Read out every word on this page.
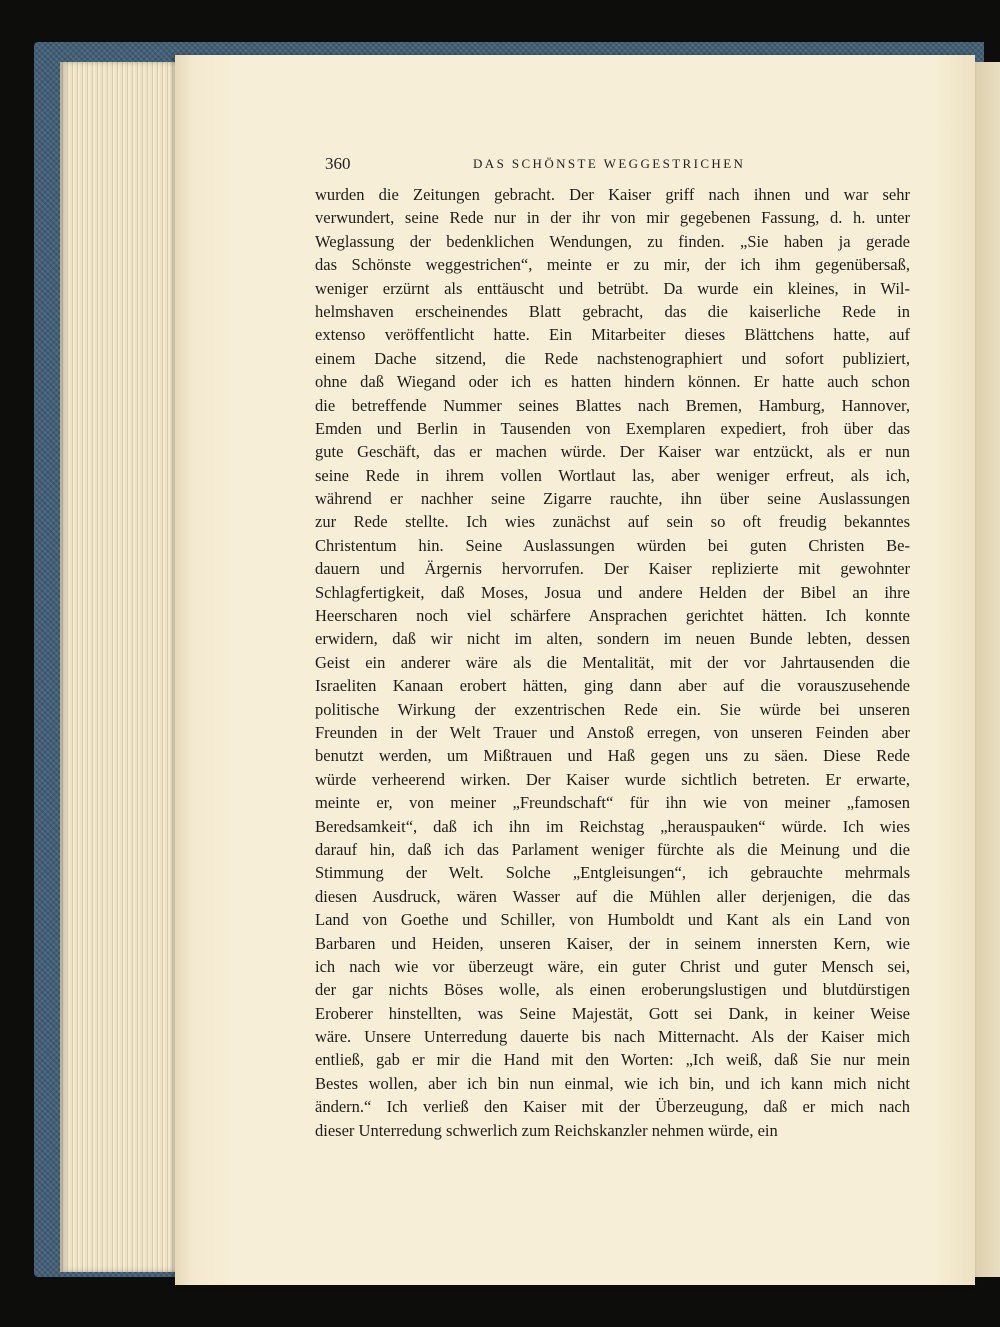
360	DAS SCHÖNSTE WEGGESTRICHEN
wurden die Zeitungen gebracht. Der Kaiser griff nach ihnen und war sehr
verwundert, seine Rede nur in der ihr von mir gegebenen Fassung, d. h. unter
Weglassung der bedenklichen Wendungen, zu finden. „Sie haben ja gerade
das Schönste weggestrichen“, meinte er zu mir, der ich ihm gegenübersaß,
weniger erzürnt als enttäuscht und betrübt. Da wurde ein kleines, in Wil-
helmshaven erscheinendes Blatt gebracht, das die kaiserliche Rede in
extenso veröffentlicht hatte. Ein Mitarbeiter dieses Blättchens hatte, auf
einem Dache sitzend, die Rede nachstenographiert und sofort publiziert,
ohne daß Wiegand oder ich es hatten hindern können. Er hatte auch schon
die betreffende Nummer seines Blattes nach Bremen, Hamburg, Hannover,
Emden und Berlin in Tausenden von Exemplaren expediert, froh über das
gute Geschäft, das er machen würde. Der Kaiser war entzückt, als er nun
seine Rede in ihrem vollen Wortlaut las, aber weniger erfreut, als ich,
während er nachher seine Zigarre rauchte, ihn über seine Auslassungen
zur Rede stellte. Ich wies zunächst auf sein so oft freudig bekanntes
Christentum hin. Seine Auslassungen würden bei guten Christen Be-
dauern und Ärgernis hervorrufen. Der Kaiser replizierte mit gewohnter
Schlagfertigkeit, daß Moses, Josua und andere Helden der Bibel an ihre
Heerscharen noch viel schärfere Ansprachen gerichtet hätten. Ich konnte
erwidern, daß wir nicht im alten, sondern im neuen Bunde lebten, dessen
Geist ein anderer wäre als die Mentalität, mit der vor Jahrtausenden die
Israeliten Kanaan erobert hätten, ging dann aber auf die vorauszusehende
politische Wirkung der exzentrischen Rede ein. Sie würde bei unseren
Freunden in der Welt Trauer und Anstoß erregen, von unseren Feinden aber
benutzt werden, um Mißtrauen und Haß gegen uns zu säen. Diese Rede
würde verheerend wirken. Der Kaiser wurde sichtlich betreten. Er erwarte,
meinte er, von meiner „Freundschaft“ für ihn wie von meiner „famosen
Beredsamkeit“, daß ich ihn im Reichstag „herauspauken“ würde. Ich wies
darauf hin, daß ich das Parlament weniger fürchte als die Meinung und die
Stimmung der Welt. Solche „Entgleisungen“, ich gebrauchte mehrmals
diesen Ausdruck, wären Wasser auf die Mühlen aller derjenigen, die das
Land von Goethe und Schiller, von Humboldt und Kant als ein Land von
Barbaren und Heiden, unseren Kaiser, der in seinem innersten Kern, wie
ich nach wie vor überzeugt wäre, ein guter Christ und guter Mensch sei,
der gar nichts Böses wolle, als einen eroberungslustigen und blutdürstigen
Eroberer hinstellten, was Seine Majestät, Gott sei Dank, in keiner Weise
wäre. Unsere Unterredung dauerte bis nach Mitternacht. Als der Kaiser mich
entließ, gab er mir die Hand mit den Worten: „Ich weiß, daß Sie nur mein
Bestes wollen, aber ich bin nun einmal, wie ich bin, und ich kann mich nicht
ändern.“ Ich verließ den Kaiser mit der Überzeugung, daß er mich nach
dieser Unterredung schwerlich zum Reichskanzler nehmen würde, ein
